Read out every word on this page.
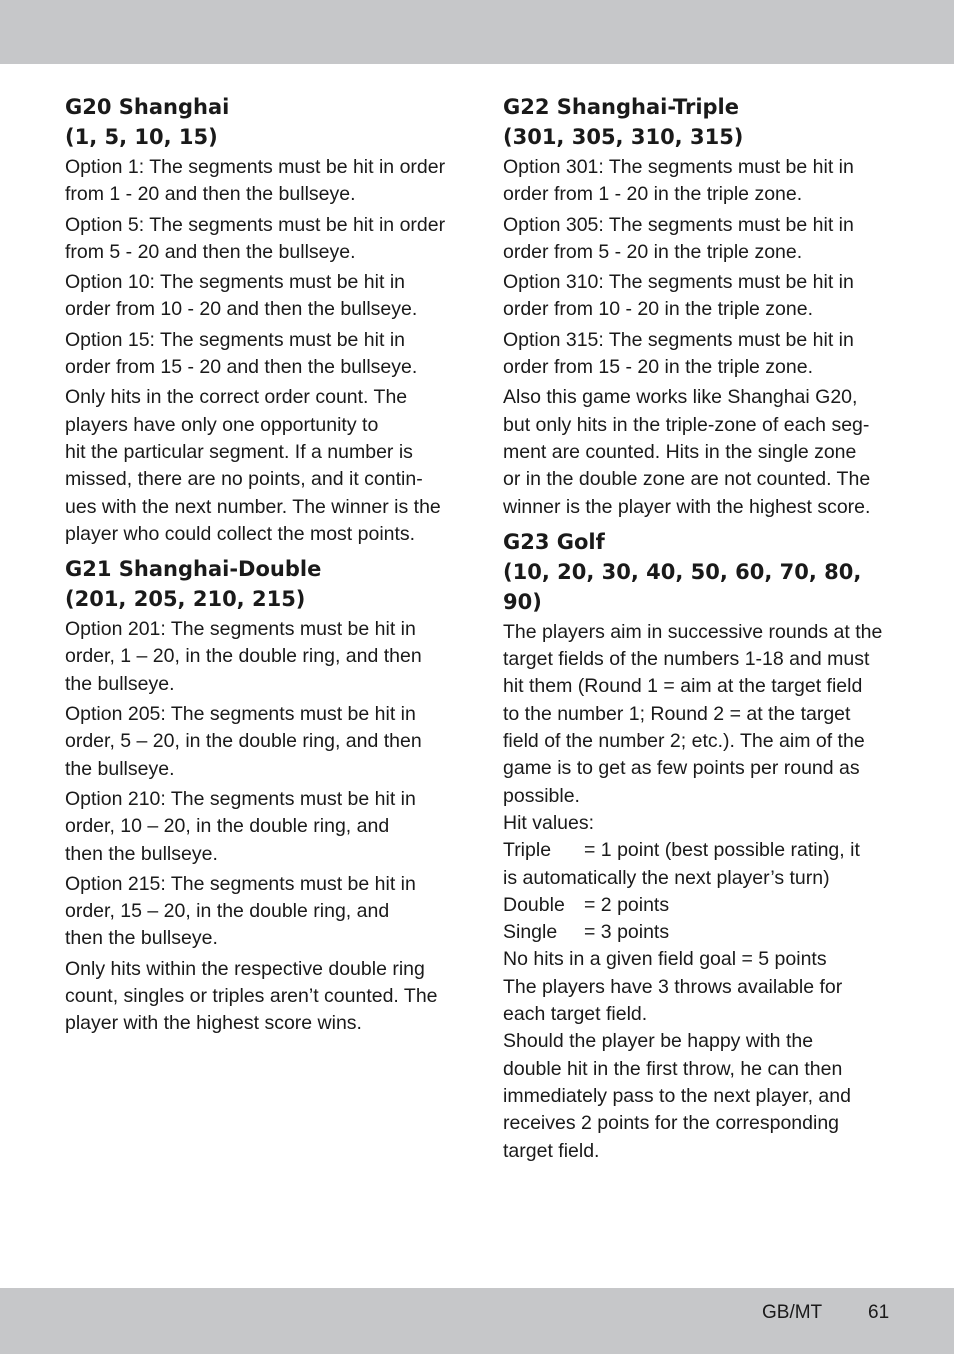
G20 Shanghai
(1, 5, 10, 15)

Option 1: The segments must be hit in order
from 1 - 20 and then the bullseye.

Option 5: The segments must be hit in order
from 5 - 20 and then the bullseye.

Option 10: The segments must be hit in
order from 10 - 20 and then the bullseye.

Option 15: The segments must be hit in
order from 15 - 20 and then the bullseye.

Only hits in the correct order count. The
players have only one opportunity to
hit the particular segment. If a number is
missed, there are no points, and it contin-
ues with the next number. The winner is the
player who could collect the most points.

G21 Shanghai-Double
(201, 205, 210, 215)

Option 201: The segments must be hit in
order, 1 – 20, in the double ring, and then
the bullseye.

Option 205: The segments must be hit in
order, 5 – 20, in the double ring, and then
the bullseye.

Option 210: The segments must be hit in
order, 10 – 20, in the double ring, and
then the bullseye.

Option 215: The segments must be hit in
order, 15 – 20, in the double ring, and
then the bullseye.

Only hits within the respective double ring
count, singles or triples aren’t counted. The
player with the highest score wins.

G22 Shanghai-Triple
(301, 305, 310, 315)

Option 301: The segments must be hit in
order from 1 - 20 in the triple zone.

Option 305: The segments must be hit in
order from 5 - 20 in the triple zone.

Option 310: The segments must be hit in
order from 10 - 20 in the triple zone.

Option 315: The segments must be hit in
order from 15 - 20 in the triple zone.

Also this game works like Shanghai G20,
but only hits in the triple-zone of each seg-
ment are counted. Hits in the single zone
or in the double zone are not counted. The
winner is the player with the highest score.

G23 Golf
(10, 20, 30, 40, 50, 60, 70, 80,
90)

The players aim in successive rounds at the
target fields of the numbers 1-18 and must
hit them (Round 1 = aim at the target field
to the number 1; Round 2 = at the target
field of the number 2; etc.). The aim of the
game is to get as few points per round as
possible.

Hit values:

Triple = 1 point (best possible rating, it
is automatically the next player’s turn)
Double = 2 points
Single = 3 points
No hits in a given field goal = 5 points

The players have 3 throws available for
each target field.

Should the player be happy with the
double hit in the first throw, he can then
immediately pass to the next player, and
receives 2 points for the corresponding
target field.

GB/MT 61
